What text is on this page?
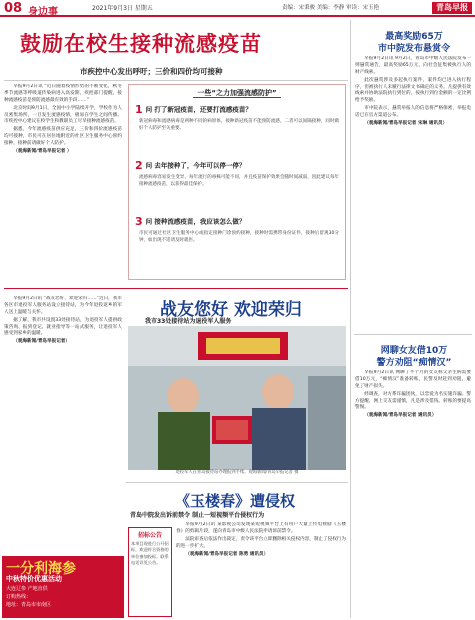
08 身边事	2021年9月3日 星期五	责编：宋秉骏 美编：李静 审读：宋玉艳	青岛早报
鼓励在校生接种流感疫苗
市疾控中心发出呼吁；三价和四价均可接种

早报9月2日讯 “近日随着疫情形势的不断变化，秋冬季节流感等呼吸道传染病进入高发期，疾控部门提醒，接种流感疫苗是预防流感最有效的手段……”

北京时间9月1日，全国中小学陆续开学，学校作为人员密集场所，一旦发生流感疫情，极易在学生之间传播。市疾控中心建议在校学生和教职员工尽早接种流感疫苗。

据悉，今年流感疫苗供应充足，三价和四价流感疫苗均可接种，市民可在居住地附近的社区卫生服务中心预约接种，接种前请做好个人防护。

（观海新闻/青岛早报记者 ）

一些“之力加强流感防护”
1 问 打了新冠疫苗，还要打流感疫苗？
新冠病毒和流感病毒是两种不同的病原体，接种新冠疫苗不能预防流感，二者可以间隔接种，同时做好个人防护至关重要。
2 问 去年接种了，今年可以停一停？
流感病毒容易发生变异，每年流行的毒株可能不同，并且疫苗保护效果会随时间减弱，因此建议每年接种流感疫苗，以获得最佳保护。
3 问 接种流感疫苗，我应该怎么做？
市民可通过社区卫生服务中心或指定接种门诊预约接种，接种时需携带身份证件，接种后留观30分钟，如出现不适请及时就医。
最高奖励65万
市中院发布悬赏令

早报9月2日讯 9月2日，青岛市中级人民法院发布一则悬赏通告，最高奖励65万元，向社会征集被执行人的财产线索。

此次悬赏涉及多起执行案件，案件均已进入执行程序，但被执行人未履行法律文书确定的义务。凡提供有效线索并协助法院执行到位的，按执行到位金额的一定比例给予奖励。

市中院表示，悬赏举报人的信息将严格保密，举报电话已在官方渠道公布。

（观海新闻/青岛早报记者 宋琳 通讯员）

战友您好 欢迎荣归
我市33处接待站为退役军人服务

早报9月2日讯 “战友您好，欢迎荣归……”近日，我市各区市退役军人服务站设立接待站，为今年退役返乡的军人送上温暖与关怀。

据了解，我市共设置33处接待站，为退役军人提供政策咨询、报到登记、就业指导等一站式服务，让退役军人感受到家乡的温暖。

（观海新闻/青岛早报记者）

退役军人在青岛接待站办理报到手续。观海新闻/青岛早报记者 摄
网聊女友借10万
警方劝阻“痴情汉”

早报9月2日讯 网聊了半个月的女友称父亲生病需要借10万元，“痴情汉”准备转账，民警及时赶到劝阻，避免了财产损失。

经调查，对方系诈骗团伙，以恋爱为名实施诈骗。警方提醒，网上交友需谨慎，凡是涉及借钱、转账的要提高警惕。

（观海新闻/青岛早报记者 通讯员）

《玉楼春》遭侵权
青岛中院发出诉前禁令 制止一短视频平台侵权行为

早报9月2日讯 某影视公司发现某短视频平台上有用户大量上传电视剧《玉楼春》的剪辑片段，遂向青岛市中级人民法院申请诉前禁令。

法院审查后依法作出裁定，责令该平台立即删除相关侵权内容，制止了侵权行为的进一步扩大。

（观海新闻/青岛早报记者 陈勇 通讯员）

招标公告
本项目现进行公开招标，欢迎符合资格的单位参加投标。联系电话详见公告。
一分利海参
中秋特价优惠活动
大连辽参 产地直供
订购热线：
地址：青岛市市南区
